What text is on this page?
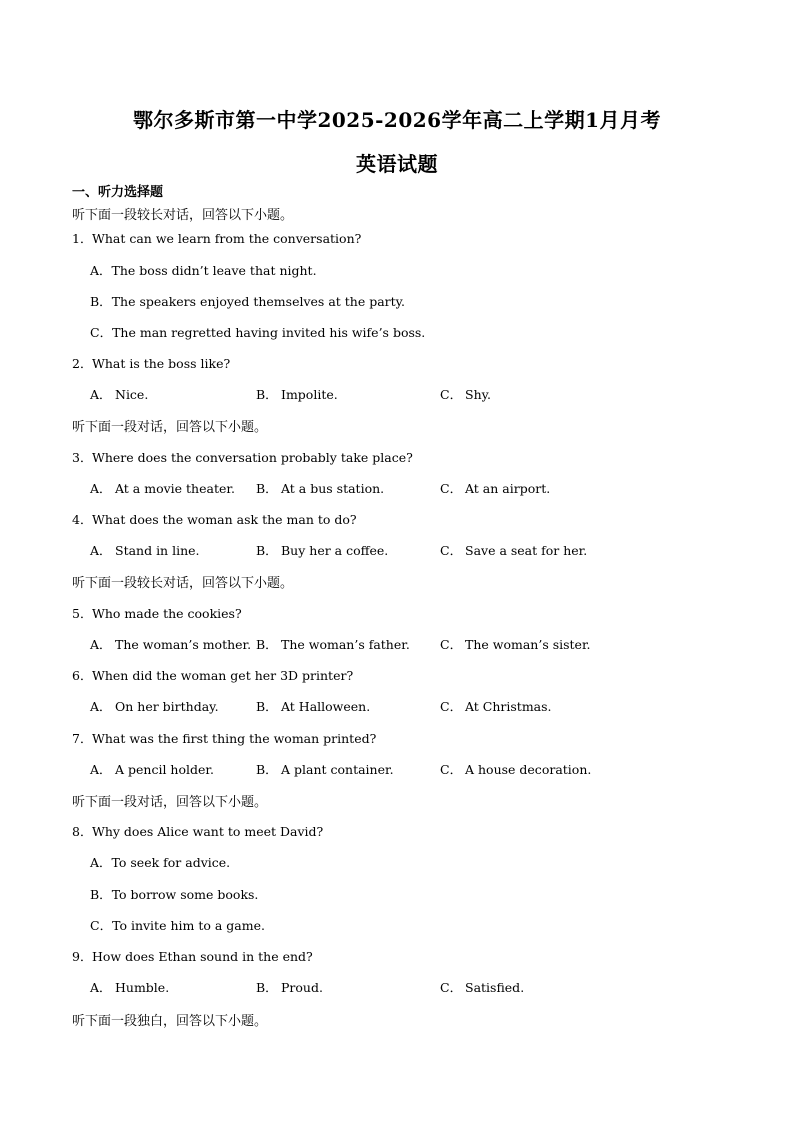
鄂尔多斯市第一中学2025-2026学年高二上学期1月月考
英语试题
一、听力选择题
听下面一段较长对话，回答以下小题。
1．What can we learn from the conversation?
A．The boss didn’t leave that night.
B．The speakers enjoyed themselves at the party.
C．The man regretted having invited his wife’s boss.
2．What is the boss like?
A． Nice.	B． Impolite.	C． Shy.
听下面一段对话，回答以下小题。
3．Where does the conversation probably take place?
A． At a movie theater. B． At a bus station.	C． At an airport.
4．What does the woman ask the man to do?
A． Stand in line.	B． Buy her a coffee.	C． Save a seat for her.
听下面一段较长对话，回答以下小题。
5．Who made the cookies?
A． The woman’s mother. B． The woman’s father. C． The woman’s sister.
6．When did the woman get her 3D printer?
A． On her birthday.	B． At Halloween.	C． At Christmas.
7．What was the first thing the woman printed?
A． A pencil holder.	B． A plant container.	C． A house decoration.
听下面一段对话，回答以下小题。
8．Why does Alice want to meet David?
A．To seek for advice.
B．To borrow some books.
C．To invite him to a game.
9．How does Ethan sound in the end?
A． Humble.	B． Proud.	C． Satisfied.
听下面一段独白，回答以下小题。
